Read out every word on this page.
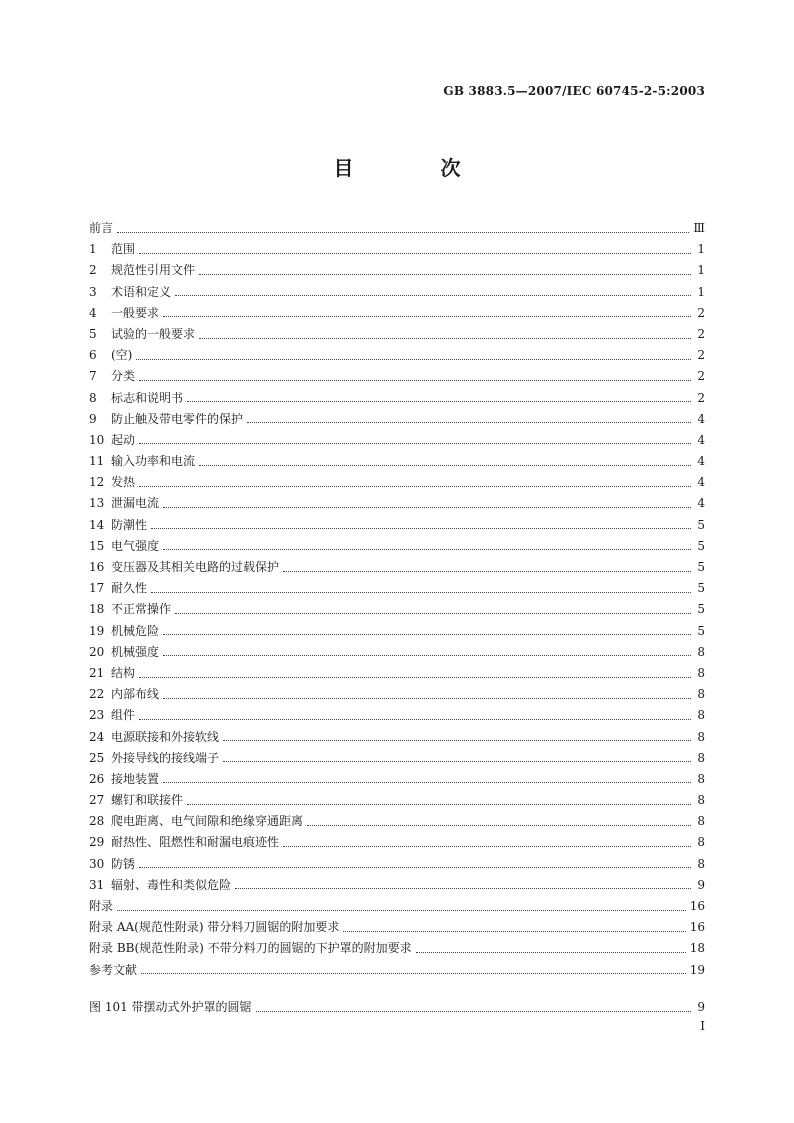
GB 3883.5—2007/IEC 60745-2-5:2003
目 次
前言	Ⅲ
1	范围	1
2	规范性引用文件	1
3	术语和定义	1
4	一般要求	2
5	试验的一般要求	2
6	(空)	2
7	分类	2
8	标志和说明书	2
9	防止触及带电零件的保护	4
10 起动	4
11 输入功率和电流	4
12 发热	4
13 泄漏电流	4
14 防潮性	5
15 电气强度	5
16 变压器及其相关电路的过载保护	5
17 耐久性	5
18 不正常操作	5
19 机械危险	5
20 机械强度	8
21 结构	8
22 内部布线	8
23 组件	8
24 电源联接和外接软线	8
25 外接导线的接线端子	8
26 接地装置	8
27 螺钉和联接件	8
28 爬电距离、电气间隙和绝缘穿通距离	8
29 耐热性、阻燃性和耐漏电痕迹性	8
30 防锈	8
31 辐射、毒性和类似危险	9
附录	16
附录 AA(规范性附录) 带分料刀圆锯的附加要求	16
附录 BB(规范性附录) 不带分料刀的圆锯的下护罩的附加要求	18
参考文献	19
图 101 带摆动式外护罩的圆锯	9
I
